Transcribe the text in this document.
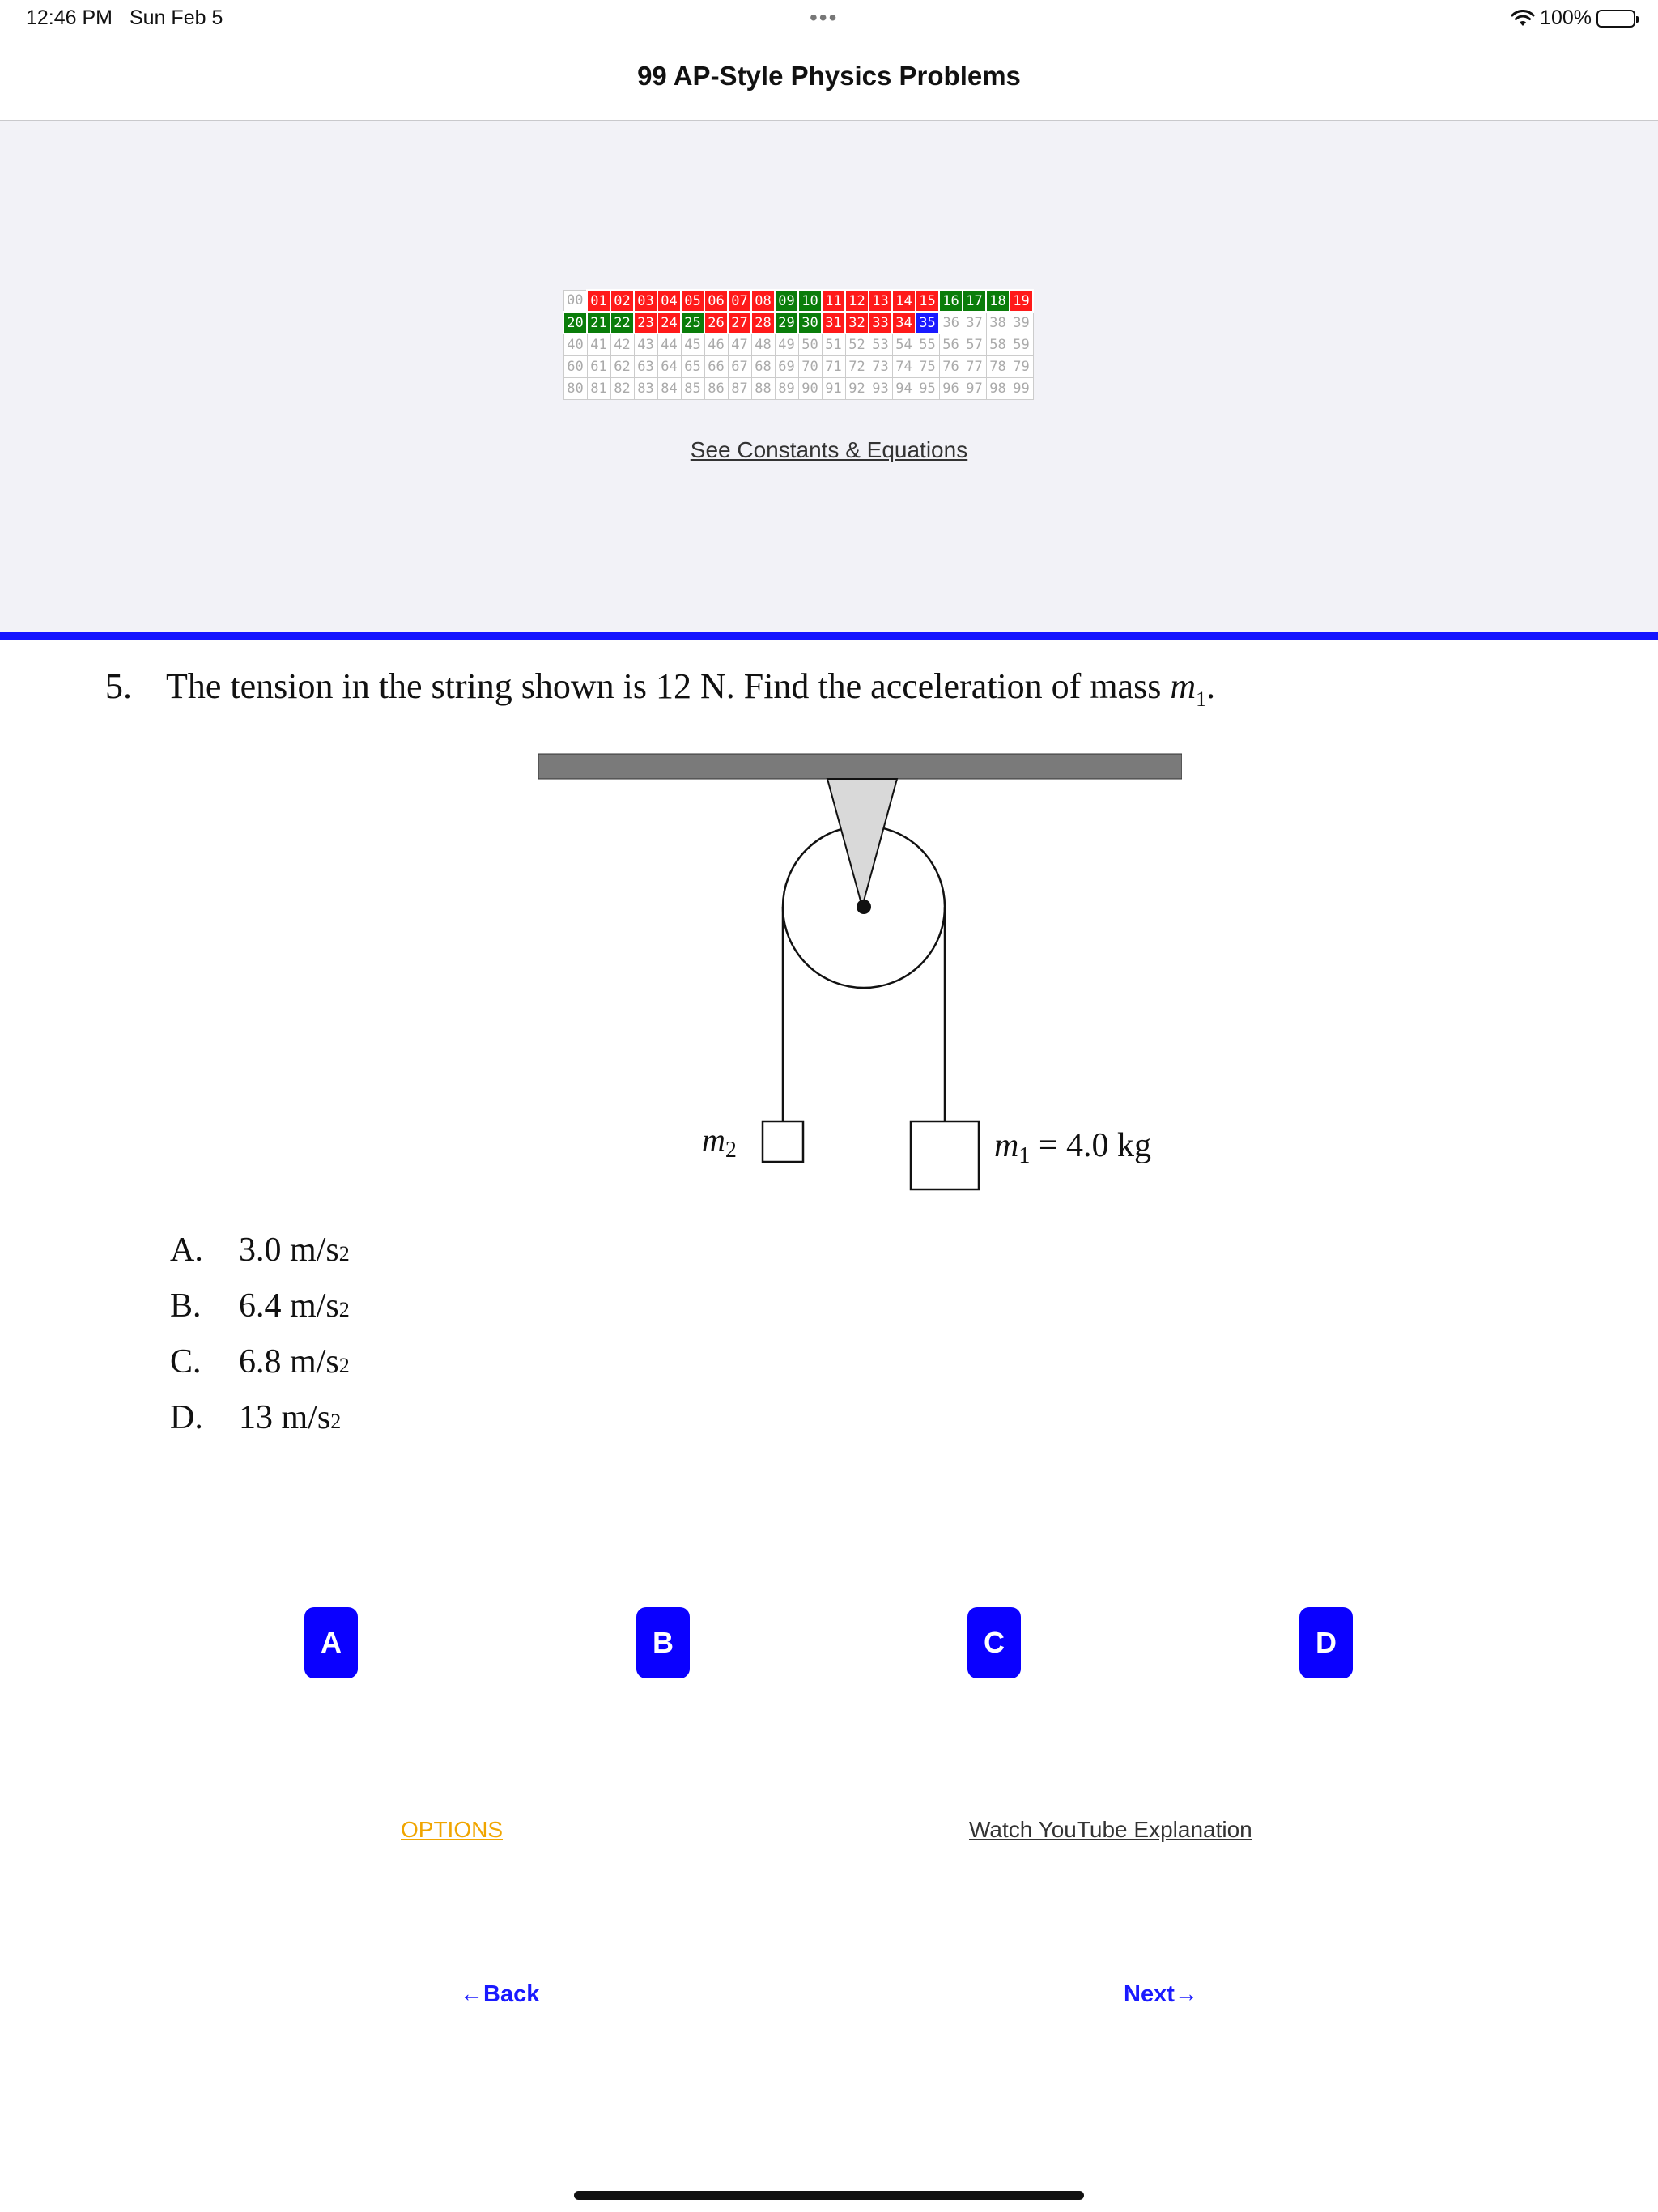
12:46 PM Sun Feb 5	•••	100%
99 AP-Style Physics Problems
00	01	02	03	04	05	06	07	08	09	10	11	12	13	14	15	16	17	18	19
20	21	22	23	24	25	26	27	28	29	30	31	32	33	34	35	36	37	38	39
40	41	42	43	44	45	46	47	48	49	50	51	52	53	54	55	56	57	58	59
60	61	62	63	64	65	66	67	68	69	70	71	72	73	74	75	76	77	78	79
80	81	82	83	84	85	86	87	88	89	90	91	92	93	94	95	96	97	98	99
See Constants & Equations
5. The tension in the string shown is 12 N. Find the acceleration of mass $m_1$.
$m_2$	m1 = 4.0 kg
A.	3.0 m/s 2
B.	6.4 m/s 2
C.	6.8 m/s 2
D.	13 m/s 2
A	B	C	D
OPTIONS	Watch YouTube Explanation
←Back	Next→
